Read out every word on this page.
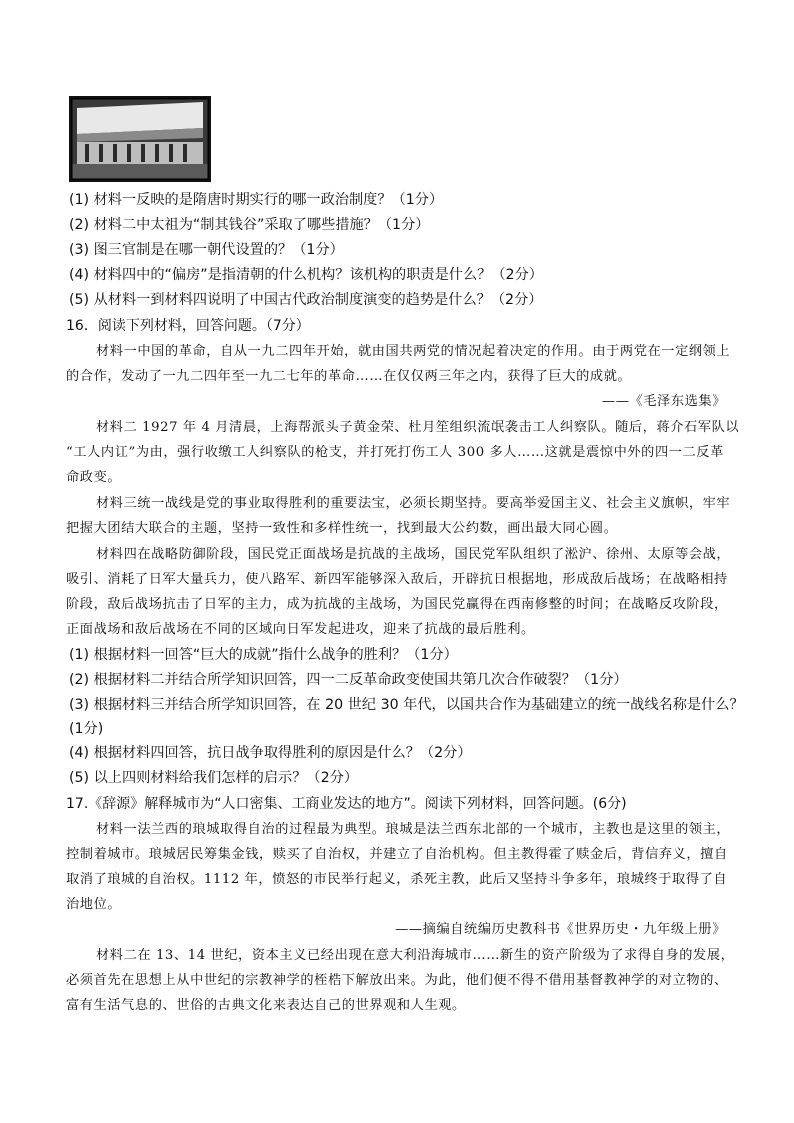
(1) 材料一反映的是隋唐时期实行的哪一政治制度？（1分）
(2) 材料二中太祖为“制其钱谷”采取了哪些措施？（1分）
(3) 图三官制是在哪一朝代设置的？（1分）
(4) 材料四中的“偏房”是指清朝的什么机构？该机构的职责是什么？（2分）
(5) 从材料一到材料四说明了中国古代政治制度演变的趋势是什么？（2分）
16．阅读下列材料，回答问题。（7分）
材料一中国的革命，自从一九二四年开始，就由国共两党的情况起着决定的作用。由于两党在一定纲领上
的合作，发动了一九二四年至一九二七年的革命……在仅仅两三年之内，获得了巨大的成就。
——《毛泽东选集》
材料二 1927 年 4 月清晨，上海帮派头子黄金荣、杜月笙组织流氓袭击工人纠察队。随后，蒋介石军队以
“工人内讧”为由，强行收缴工人纠察队的枪支，并打死打伤工人 300 多人……这就是震惊中外的四一二反革
命政变。
材料三统一战线是党的事业取得胜利的重要法宝，必须长期坚持。要高举爱国主义、社会主义旗帜，牢牢
把握大团结大联合的主题，坚持一致性和多样性统一，找到最大公约数，画出最大同心圆。
材料四在战略防御阶段，国民党正面战场是抗战的主战场，国民党军队组织了淞沪、徐州、太原等会战，
吸引、消耗了日军大量兵力，使八路军、新四军能够深入敌后，开辟抗日根据地，形成敌后战场；在战略相持
阶段，敌后战场抗击了日军的主力，成为抗战的主战场，为国民党赢得在西南修整的时间；在战略反攻阶段，
正面战场和敌后战场在不同的区域向日军发起进攻，迎来了抗战的最后胜利。
(1) 根据材料一回答“巨大的成就”指什么战争的胜利？（1分）
(2) 根据材料二并结合所学知识回答，四一二反革命政变使国共第几次合作破裂？（1分）
(3) 根据材料三并结合所学知识回答，在 20 世纪 30 年代，以国共合作为基础建立的统一战线名称是什么？
(1分)
(4) 根据材料四回答，抗日战争取得胜利的原因是什么？（2分）
(5) 以上四则材料给我们怎样的启示？（2分）
17.《辞源》解释城市为“人口密集、工商业发达的地方”。阅读下列材料，回答问题。(6分)
材料一法兰西的琅城取得自治的过程最为典型。琅城是法兰西东北部的一个城市，主教也是这里的领主，
控制着城市。琅城居民筹集金钱，赎买了自治权，并建立了自治机构。但主教得霍了赎金后，背信弃义，擅自
取消了琅城的自治权。1112 年，愤怒的市民举行起义，杀死主教，此后又坚持斗争多年，琅城终于取得了自
治地位。
——摘编自统编历史教科书《世界历史・九年级上册》
材料二在 13、14 世纪，资本主义已经出现在意大利沿海城市……新生的资产阶级为了求得自身的发展，
必须首先在思想上从中世纪的宗教神学的桎梏下解放出来。为此，他们便不得不借用基督教神学的对立物的、
富有生活气息的、世俗的古典文化来表达自己的世界观和人生观。
